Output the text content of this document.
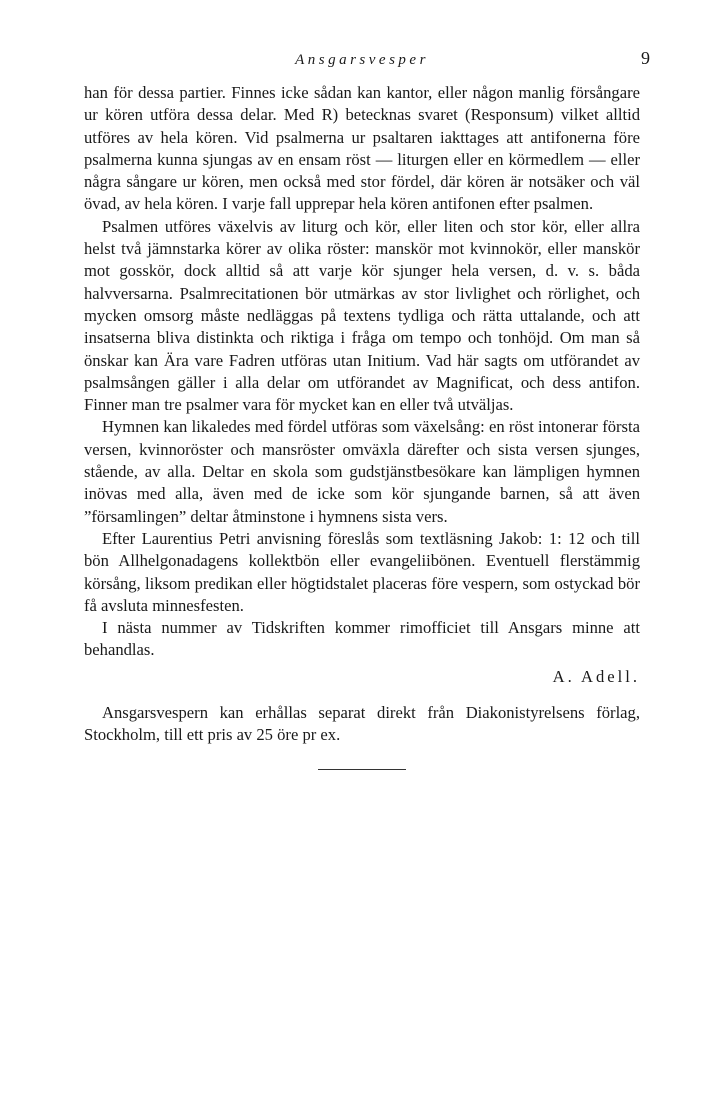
Ansgarsvesper	9

han för dessa partier. Finnes icke sådan kan kantor, eller någon manlig försångare ur kören utföra dessa delar. Med R) betecknas svaret (Responsum) vilket alltid utföres av hela kören. Vid psalmerna ur psaltaren iakttages att antifonerna före psalmerna kunna sjungas av en ensam röst — liturgen eller en körmedlem — eller några sångare ur kören, men också med stor fördel, där kören är notsäker och väl övad, av hela kören. I varje fall upprepar hela kören antifonen efter psalmen.

Psalmen utföres växelvis av liturg och kör, eller liten och stor kör, eller allra helst två jämnstarka körer av olika röster: manskör mot kvinnokör, eller manskör mot gosskör, dock alltid så att varje kör sjunger hela versen, d. v. s. båda halvversarna. Psalmrecitationen bör utmärkas av stor livlighet och rörlighet, och mycken omsorg måste nedläggas på textens tydliga och rätta uttalande, och att insatserna bliva distinkta och riktiga i fråga om tempo och tonhöjd. Om man så önskar kan Ära vare Fadren utföras utan Initium. Vad här sagts om utförandet av psalmsången gäller i alla delar om utförandet av Magnificat, och dess antifon. Finner man tre psalmer vara för mycket kan en eller två utväljas.

Hymnen kan likaledes med fördel utföras som växelsång: en röst intonerar första versen, kvinnoröster och mansröster omväxla därefter och sista versen sjunges, stående, av alla. Deltar en skola som gudstjänstbesökare kan lämpligen hymnen inövas med alla, även med de icke som kör sjungande barnen, så att även ”församlingen” deltar åtminstone i hymnens sista vers.

Efter Laurentius Petri anvisning föreslås som textläsning Jakob: 1: 12 och till bön Allhelgonadagens kollektbön eller evangeliibönen. Eventuell flerstämmig körsång, liksom predikan eller högtidstalet placeras före vespern, som ostyckad bör få avsluta minnesfesten.

I nästa nummer av Tidskriften kommer rimofficiet till Ansgars minne att behandlas.

A. Adell.
Ansgarsvespern kan erhållas separat direkt från Diakonistyrelsens förlag, Stockholm, till ett pris av 25 öre pr ex.
